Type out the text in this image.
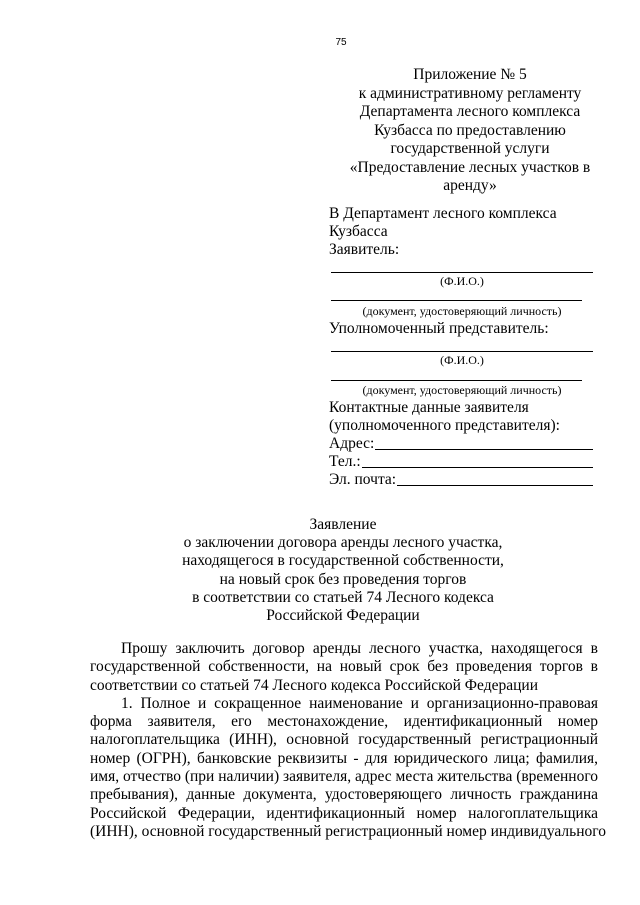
75
Приложение № 5
к административному регламенту
Департамента лесного комплекса
Кузбасса по предоставлению
государственной услуги
«Предоставление лесных участков в
аренду»
В Департамент лесного комплекса
Кузбасса
Заявитель:
(Ф.И.О.)
(документ, удостоверяющий личность)
Уполномоченный представитель:
(Ф.И.О.)
(документ, удостоверяющий личность)
Контактные данные заявителя
(уполномоченного представителя):
Адрес:
Тел.:
Эл. почта:
Заявление
о заключении договора аренды лесного участка,
находящегося в государственной собственности,
на новый срок без проведения торгов
в соответствии со статьей 74 Лесного кодекса
Российской Федерации

Прошу заключить договор аренды лесного участка, находящегося в
государственной собственности, на новый срок без проведения торгов в
соответствии со статьей 74 Лесного кодекса Российской Федерации

1. Полное и сокращенное наименование и организационно-правовая
форма заявителя, его местонахождение, идентификационный номер
налогоплательщика (ИНН), основной государственный регистрационный
номер (ОГРН), банковские реквизиты - для юридического лица; фамилия,
имя, отчество (при наличии) заявителя, адрес места жительства (временного
пребывания), данные документа, удостоверяющего личность гражданина
Российской Федерации, идентификационный номер налогоплательщика
(ИНН), основной государственный регистрационный номер индивидуального
